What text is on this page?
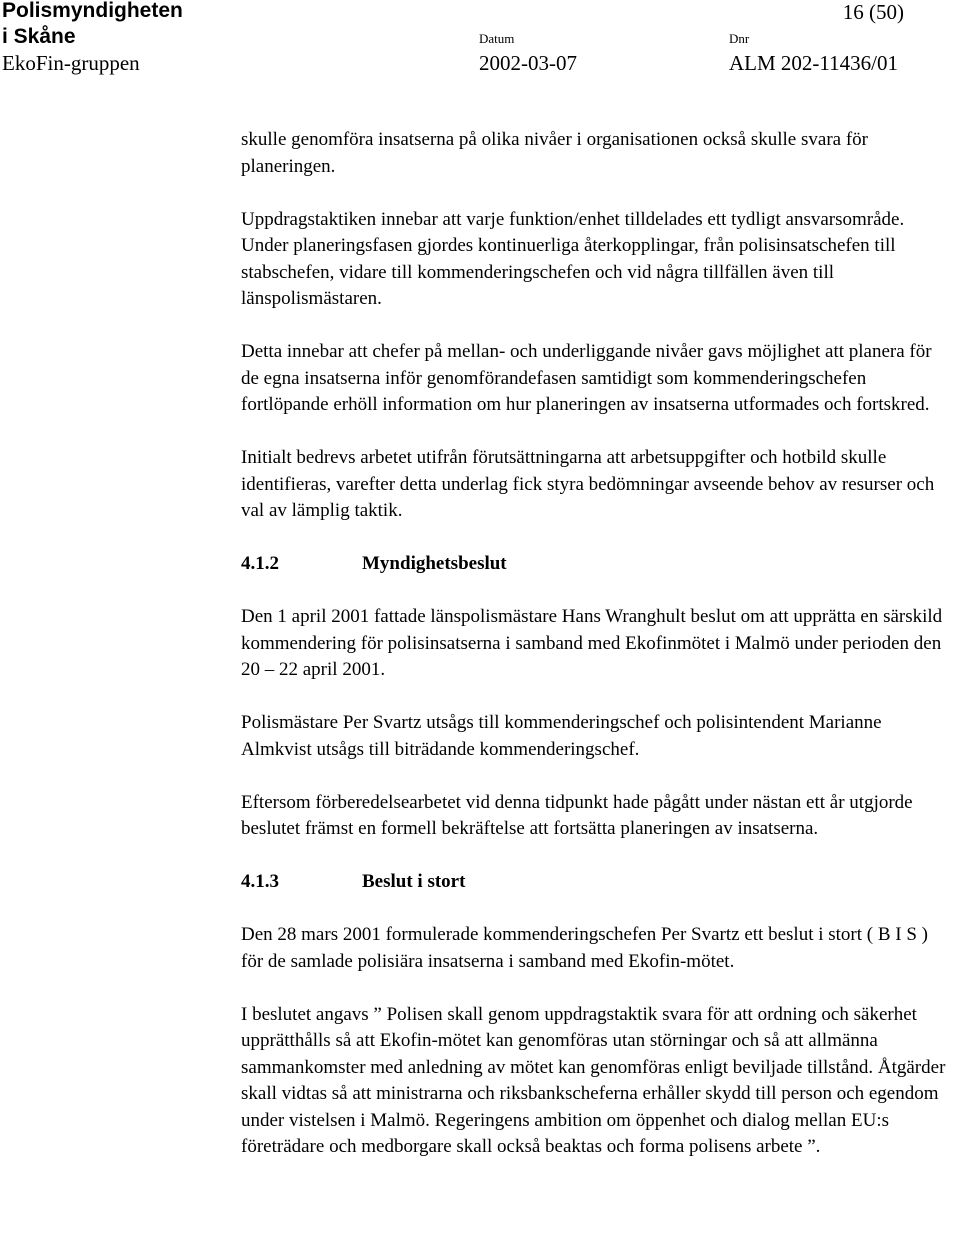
Polismyndigheten
i Skåne
EkoFin-gruppen
16 (50)
Datum
2002-03-07
Dnr
ALM 202-11436/01

skulle genomföra insatserna på olika nivåer i organisationen också skulle svara för planeringen.

Uppdragstaktiken innebar att varje funktion/enhet tilldelades ett tydligt ansvarsområde. Under planeringsfasen gjordes kontinuerliga återkopplingar, från polisinsatschefen till stabschefen, vidare till kommenderingschefen och vid några tillfällen även till länspolismästaren.

Detta innebar att chefer på mellan- och underliggande nivåer gavs möjlighet att planera för de egna insatserna inför genomförandefasen samtidigt som kommenderingschefen fortlöpande erhöll information om hur planeringen av insatserna utformades och fortskred.

Initialt bedrevs arbetet utifrån förutsättningarna att arbetsuppgifter och hotbild skulle identifieras, varefter detta underlag fick styra bedömningar avseende behov av resurser och val av lämplig taktik.

4.1.2	Myndighetsbeslut

Den 1 april 2001 fattade länspolismästare Hans Wranghult beslut om att upprätta en särskild kommendering för polisinsatserna i samband med Ekofinmötet i Malmö under perioden den 20 – 22 april 2001.

Polismästare Per Svartz utsågs till kommenderingschef och polisintendent Marianne Almkvist utsågs till biträdande kommenderingschef.

Eftersom förberedelsearbetet vid denna tidpunkt hade pågått under nästan ett år utgjorde beslutet främst en formell bekräftelse att fortsätta planeringen av insatserna.

4.1.3	Beslut i stort

Den 28 mars 2001 formulerade kommenderingschefen Per Svartz ett beslut i stort ( B I S ) för de samlade polisiära insatserna i samband med Ekofin-mötet.

I beslutet angavs ” Polisen skall genom uppdragstaktik svara för att ordning och säkerhet upprätthålls så att Ekofin-mötet kan genomföras utan störningar och så att allmänna sammankomster med anledning av mötet kan genomföras enligt beviljade tillstånd. Åtgärder skall vidtas så att ministrarna och riksbankscheferna erhåller skydd till person och egendom under vistelsen i Malmö. Regeringens ambition om öppenhet och dialog mellan EU:s företrädare och medborgare skall också beaktas och forma polisens arbete ”.
